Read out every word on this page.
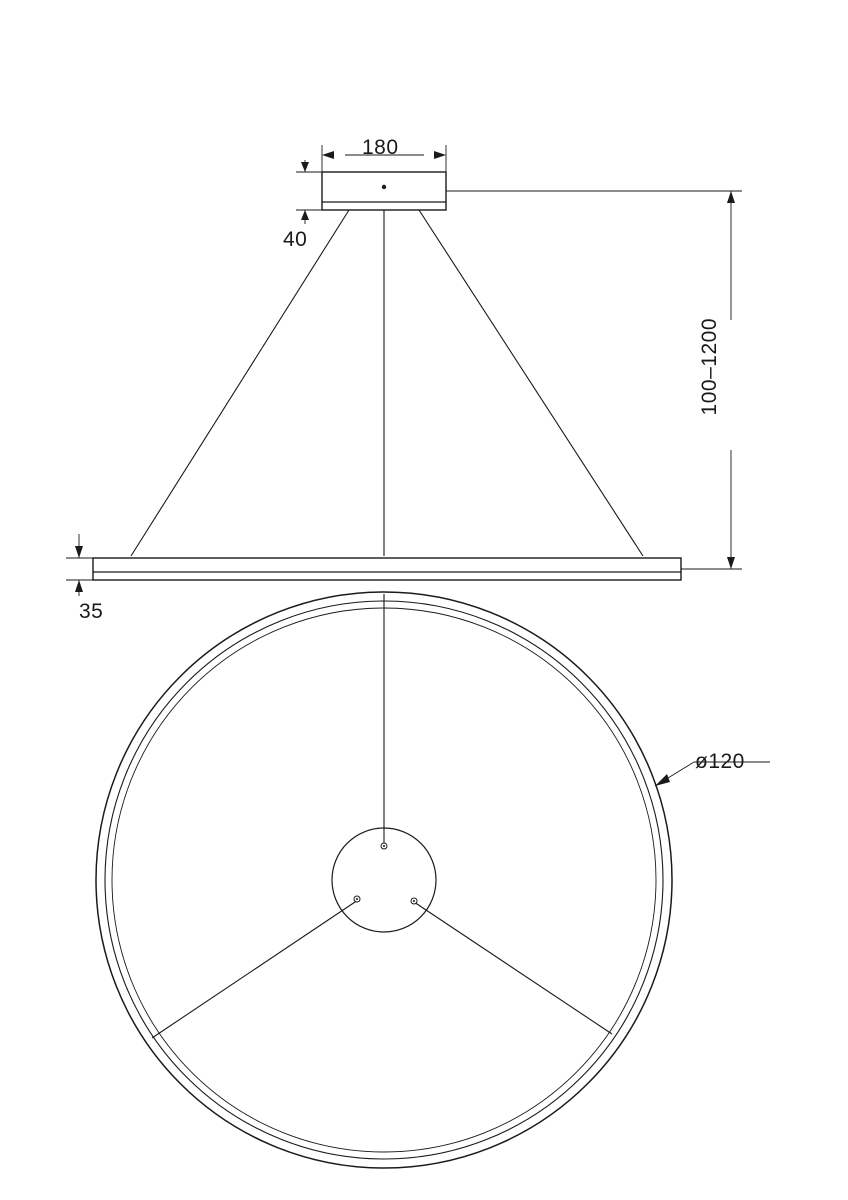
180
40
35
100–1200
ø120
